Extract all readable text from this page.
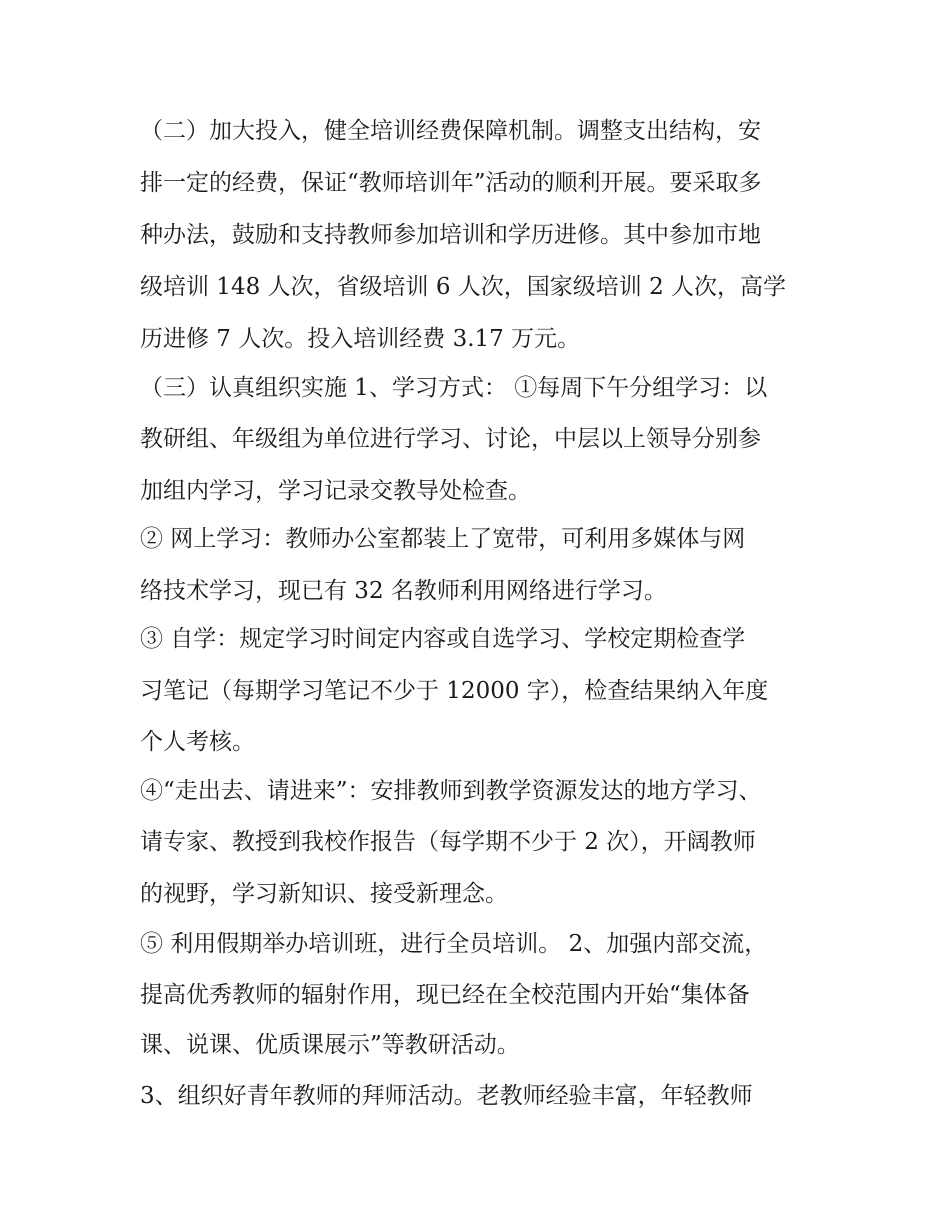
（二）加大投入，健全培训经费保障机制。调整支出结构，安
排一定的经费，保证“教师培训年”活动的顺利开展。要采取多
种办法，鼓励和支持教师参加培训和学历进修。其中参加市地
级培训 148 人次，省级培训 6 人次，国家级培训 2 人次，高学
历进修 7 人次。投入培训经费 3.17 万元。
（三）认真组织实施 1、学习方式： ①每周下午分组学习：以
教研组、年级组为单位进行学习、讨论，中层以上领导分别参
加组内学习，学习记录交教导处检查。
② 网上学习：教师办公室都装上了宽带，可利用多媒体与网
络技术学习，现已有 32 名教师利用网络进行学习。
③ 自学：规定学习时间定内容或自选学习、学校定期检查学
习笔记（每期学习笔记不少于 12000 字），检查结果纳入年度
个人考核。
④“走出去、请进来”：安排教师到教学资源发达的地方学习、
请专家、教授到我校作报告（每学期不少于 2 次），开阔教师
的视野，学习新知识、接受新理念。
⑤ 利用假期举办培训班，进行全员培训。 2、加强内部交流，
提高优秀教师的辐射作用，现已经在全校范围内开始“集体备
课、说课、优质课展示”等教研活动。
3、组织好青年教师的拜师活动。老教师经验丰富，年轻教师
